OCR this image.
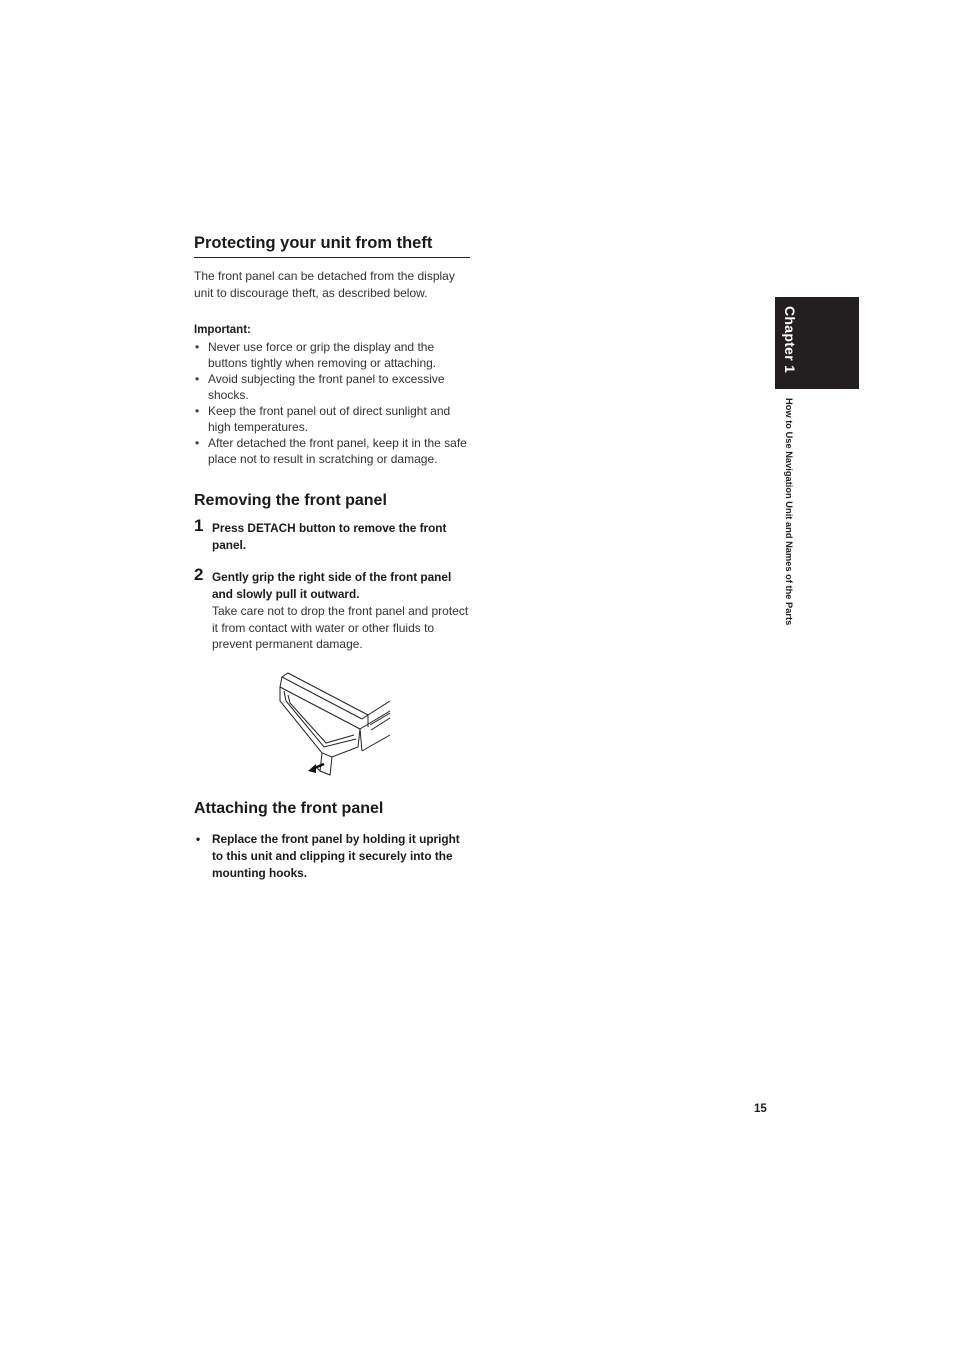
Protecting your unit from theft

The front panel can be detached from the display unit to discourage theft, as described below.

Important:

• Never use force or grip the display and the buttons tightly when removing or attaching.
• Avoid subjecting the front panel to excessive shocks.
• Keep the front panel out of direct sunlight and high temperatures.
• After detached the front panel, keep it in the safe place not to result in scratching or damage.
Removing the front panel
1 Press DETACH button to remove the front panel.
2 Gently grip the right side of the front panel and slowly pull it outward.
Take care not to drop the front panel and protect it from contact with water or other fluids to prevent permanent damage.
Attaching the front panel
• Replace the front panel by holding it upright to this unit and clipping it securely into the mounting hooks.
Chapter 1
How to Use Navigation Unit and Names of the Parts
15
